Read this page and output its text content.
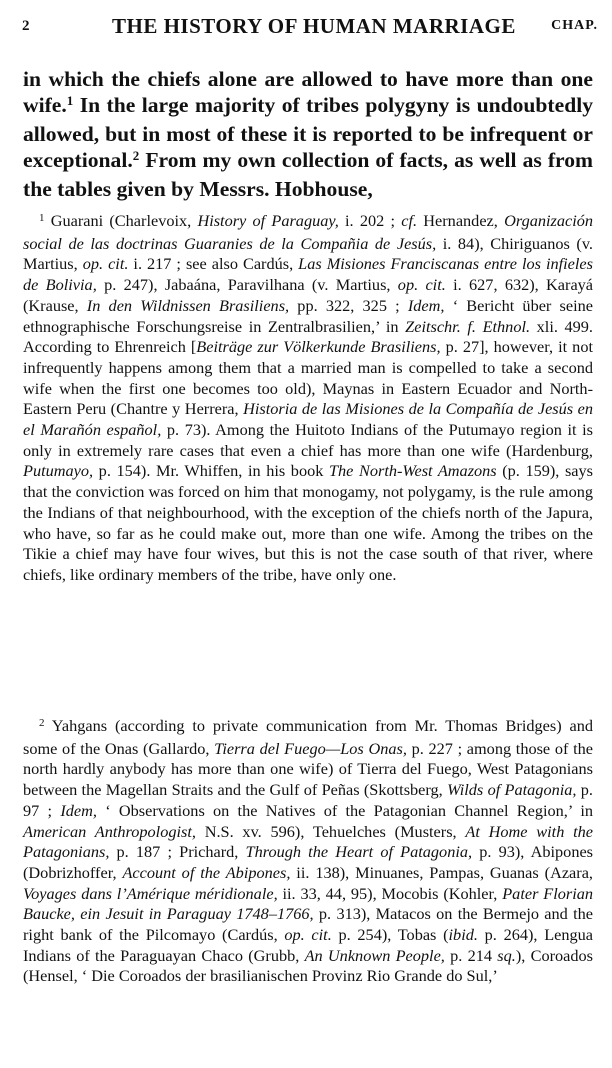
2	THE HISTORY OF HUMAN MARRIAGE	CHAP.
in which the chiefs alone are allowed to have more than one wife.$^1$ In the large majority of tribes polygyny is undoubtedly allowed, but in most of these it is reported to be infrequent or exceptional.$^2$ From my own collection of facts, as well as from the tables given by Messrs. Hobhouse,

$^1$ Guarani (Charlevoix, History of Paraguay, i. 202 ; cf. Hernandez, Organización social de las doctrinas Guaranies de la Compañia de Jesús, i. 84), Chiriguanos (v. Martius, op. cit. i. 217 ; see also Cardús, Las Misiones Franciscanas entre los infieles de Bolivia, p. 247), Jabaána, Paravilhana (v. Martius, op. cit. i. 627, 632), Karayá (Krause, In den Wildnissen Brasiliens, pp. 322, 325 ; Idem, ‘ Bericht über seine ethnographische Forschungsreise in Zentralbrasilien,’ in Zeitschr. f. Ethnol. xli. 499. According to Ehrenreich [Beiträge zur Völkerkunde Brasiliens, p. 27], however, it not infrequently happens among them that a married man is compelled to take a second wife when the first one becomes too old), Maynas in Eastern Ecuador and North-Eastern Peru (Chantre y Herrera, Historia de las Misiones de la Compañía de Jesús en el Marañón español, p. 73). Among the Huitoto Indians of the Putumayo region it is only in extremely rare cases that even a chief has more than one wife (Hardenburg, Putumayo, p. 154). Mr. Whiffen, in his book The North-West Amazons (p. 159), says that the conviction was forced on him that monogamy, not polygamy, is the rule among the Indians of that neighbourhood, with the exception of the chiefs north of the Japura, who have, so far as he could make out, more than one wife. Among the tribes on the Tikie a chief may have four wives, but this is not the case south of that river, where chiefs, like ordinary members of the tribe, have only one.

$^2$ Yahgans (according to private communication from Mr. Thomas Bridges) and some of the Onas (Gallardo, Tierra del Fuego—Los Onas, p. 227 ; among those of the north hardly anybody has more than one wife) of Tierra del Fuego, West Patagonians between the Magellan Straits and the Gulf of Peñas (Skottsberg, Wilds of Patagonia, p. 97 ; Idem, ‘ Observations on the Natives of the Patagonian Channel Region,’ in American Anthropologist, N.S. xv. 596), Tehuelches (Musters, At Home with the Patagonians, p. 187 ; Prichard, Through the Heart of Patagonia, p. 93), Abipones (Dobrizhoffer, Account of the Abipones, ii. 138), Minuanes, Pampas, Guanas (Azara, Voyages dans l’Amérique méridionale, ii. 33, 44, 95), Mocobis (Kohler, Pater Florian Baucke, ein Jesuit in Paraguay 1748–1766, p. 313), Matacos on the Bermejo and the right bank of the Pilcomayo (Cardús, op. cit. p. 254), Tobas (ibid. p. 264), Lengua Indians of the Paraguayan Chaco (Grubb, An Unknown People, p. 214 sq.), Coroados (Hensel, ‘ Die Coroados der brasilianischen Provinz Rio Grande do Sul,’
